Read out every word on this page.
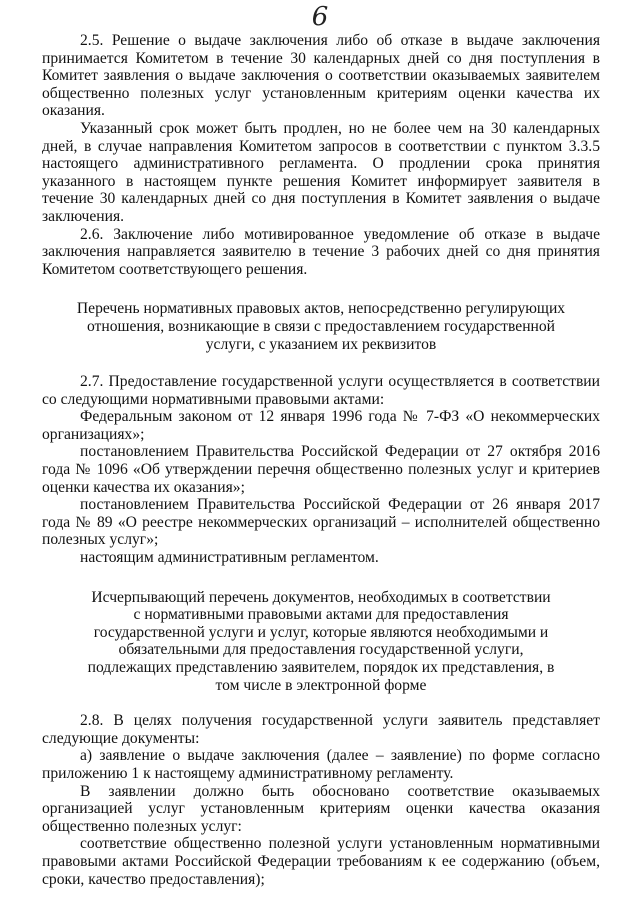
6

2.5. Решение о выдаче заключения либо об отказе в выдаче заключения принимается Комитетом в течение 30 календарных дней со дня поступления в Комитет заявления о выдаче заключения о соответствии оказываемых заявителем общественно полезных услуг установленным критериям оценки качества их оказания.

Указанный срок может быть продлен, но не более чем на 30 календарных дней, в случае направления Комитетом запросов в соответствии с пунктом 3.3.5 настоящего административного регламента. О продлении срока принятия указанного в настоящем пункте решения Комитет информирует заявителя в течение 30 календарных дней со дня поступления в Комитет заявления о выдаче заключения.

2.6. Заключение либо мотивированное уведомление об отказе в выдаче заключения направляется заявителю в течение 3 рабочих дней со дня принятия Комитетом соответствующего решения.

Перечень нормативных правовых актов, непосредственно регулирующих отношения, возникающие в связи с предоставлением государственной услуги, с указанием их реквизитов

2.7. Предоставление государственной услуги осуществляется в соответствии со следующими нормативными правовыми актами:

Федеральным законом от 12 января 1996 года № 7-ФЗ «О некоммерческих организациях»;

постановлением Правительства Российской Федерации от 27 октября 2016 года № 1096 «Об утверждении перечня общественно полезных услуг и критериев оценки качества их оказания»;

постановлением Правительства Российской Федерации от 26 января 2017 года № 89 «О реестре некоммерческих организаций – исполнителей общественно полезных услуг»;

настоящим административным регламентом.

Исчерпывающий перечень документов, необходимых в соответствии с нормативными правовыми актами для предоставления государственной услуги и услуг, которые являются необходимыми и обязательными для предоставления государственной услуги, подлежащих представлению заявителем, порядок их представления, в том числе в электронной форме

2.8. В целях получения государственной услуги заявитель представляет следующие документы:

а) заявление о выдаче заключения (далее – заявление) по форме согласно приложению 1 к настоящему административному регламенту.

В заявлении должно быть обосновано соответствие оказываемых организацией услуг установленным критериям оценки качества оказания общественно полезных услуг:

соответствие общественно полезной услуги установленным нормативными правовыми актами Российской Федерации требованиям к ее содержанию (объем, сроки, качество предоставления);
